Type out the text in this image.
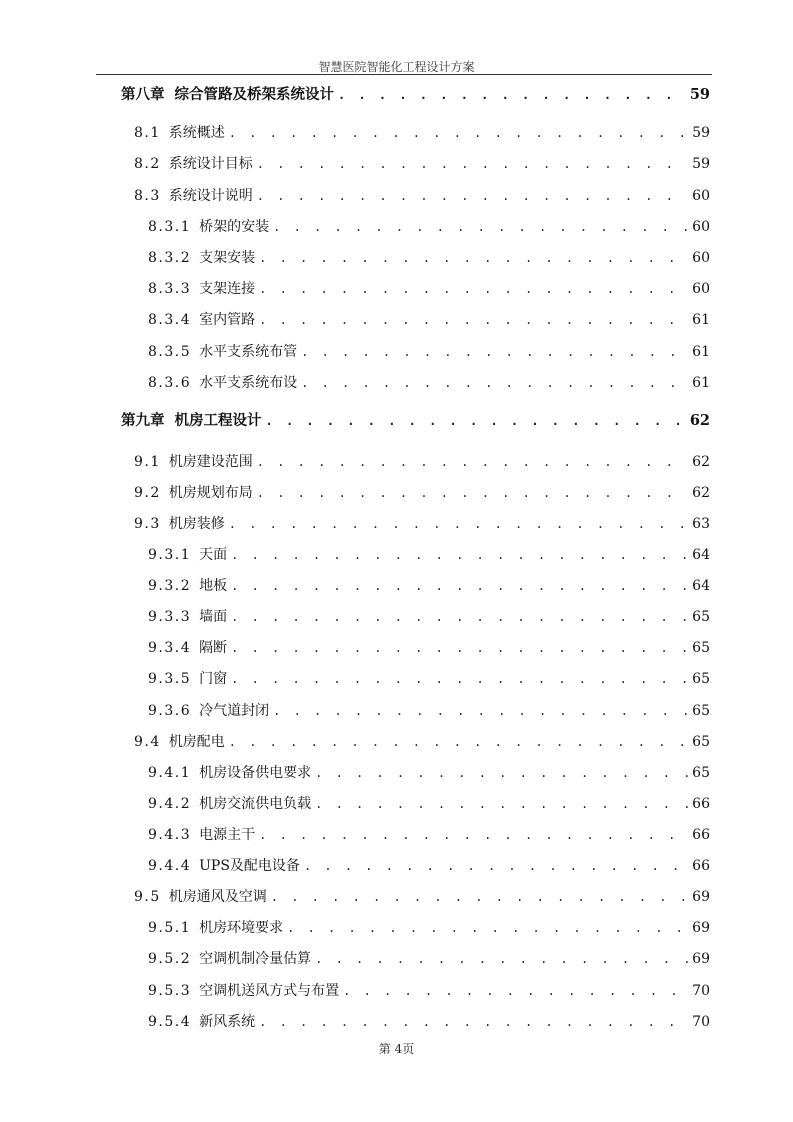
智慧医院智能化工程设计方案
第八章 综合管路及桥架系统设计 . . .	59
8.1 系统概述 . . .	59
8.2 系统设计目标 . . .	59
8.3 系统设计说明 . . .	60
8.3.1 桥架的安装 . . .	60
8.3.2 支架安装 . . .	60
8.3.3 支架连接 . . .	60
8.3.4 室内管路 . . .	61
8.3.5 水平支系统布管 . . .	61
8.3.6 水平支系统布设 . . .	61
第九章 机房工程设计 . . .	62
9.1 机房建设范围 . . .	62
9.2 机房规划布局 . . .	62
9.3 机房装修 . . .	63
9.3.1 天面 . . .	64
9.3.2 地板 . . .	64
9.3.3 墙面 . . .	65
9.3.4 隔断 . . .	65
9.3.5 门窗 . . .	65
9.3.6 冷气道封闭 . . .	65
9.4 机房配电 . . .	65
9.4.1 机房设备供电要求 . . .	65
9.4.2 机房交流供电负载 . . .	66
9.4.3 电源主干 . . .	66
9.4.4 UPS及配电设备 . . .	66
9.5 机房通风及空调 . . .	69
9.5.1 机房环境要求 . . .	69
9.5.2 空调机制冷量估算 . . .	69
9.5.3 空调机送风方式与布置 . . .	70
9.5.4 新风系统 . . .	70
第 4页
